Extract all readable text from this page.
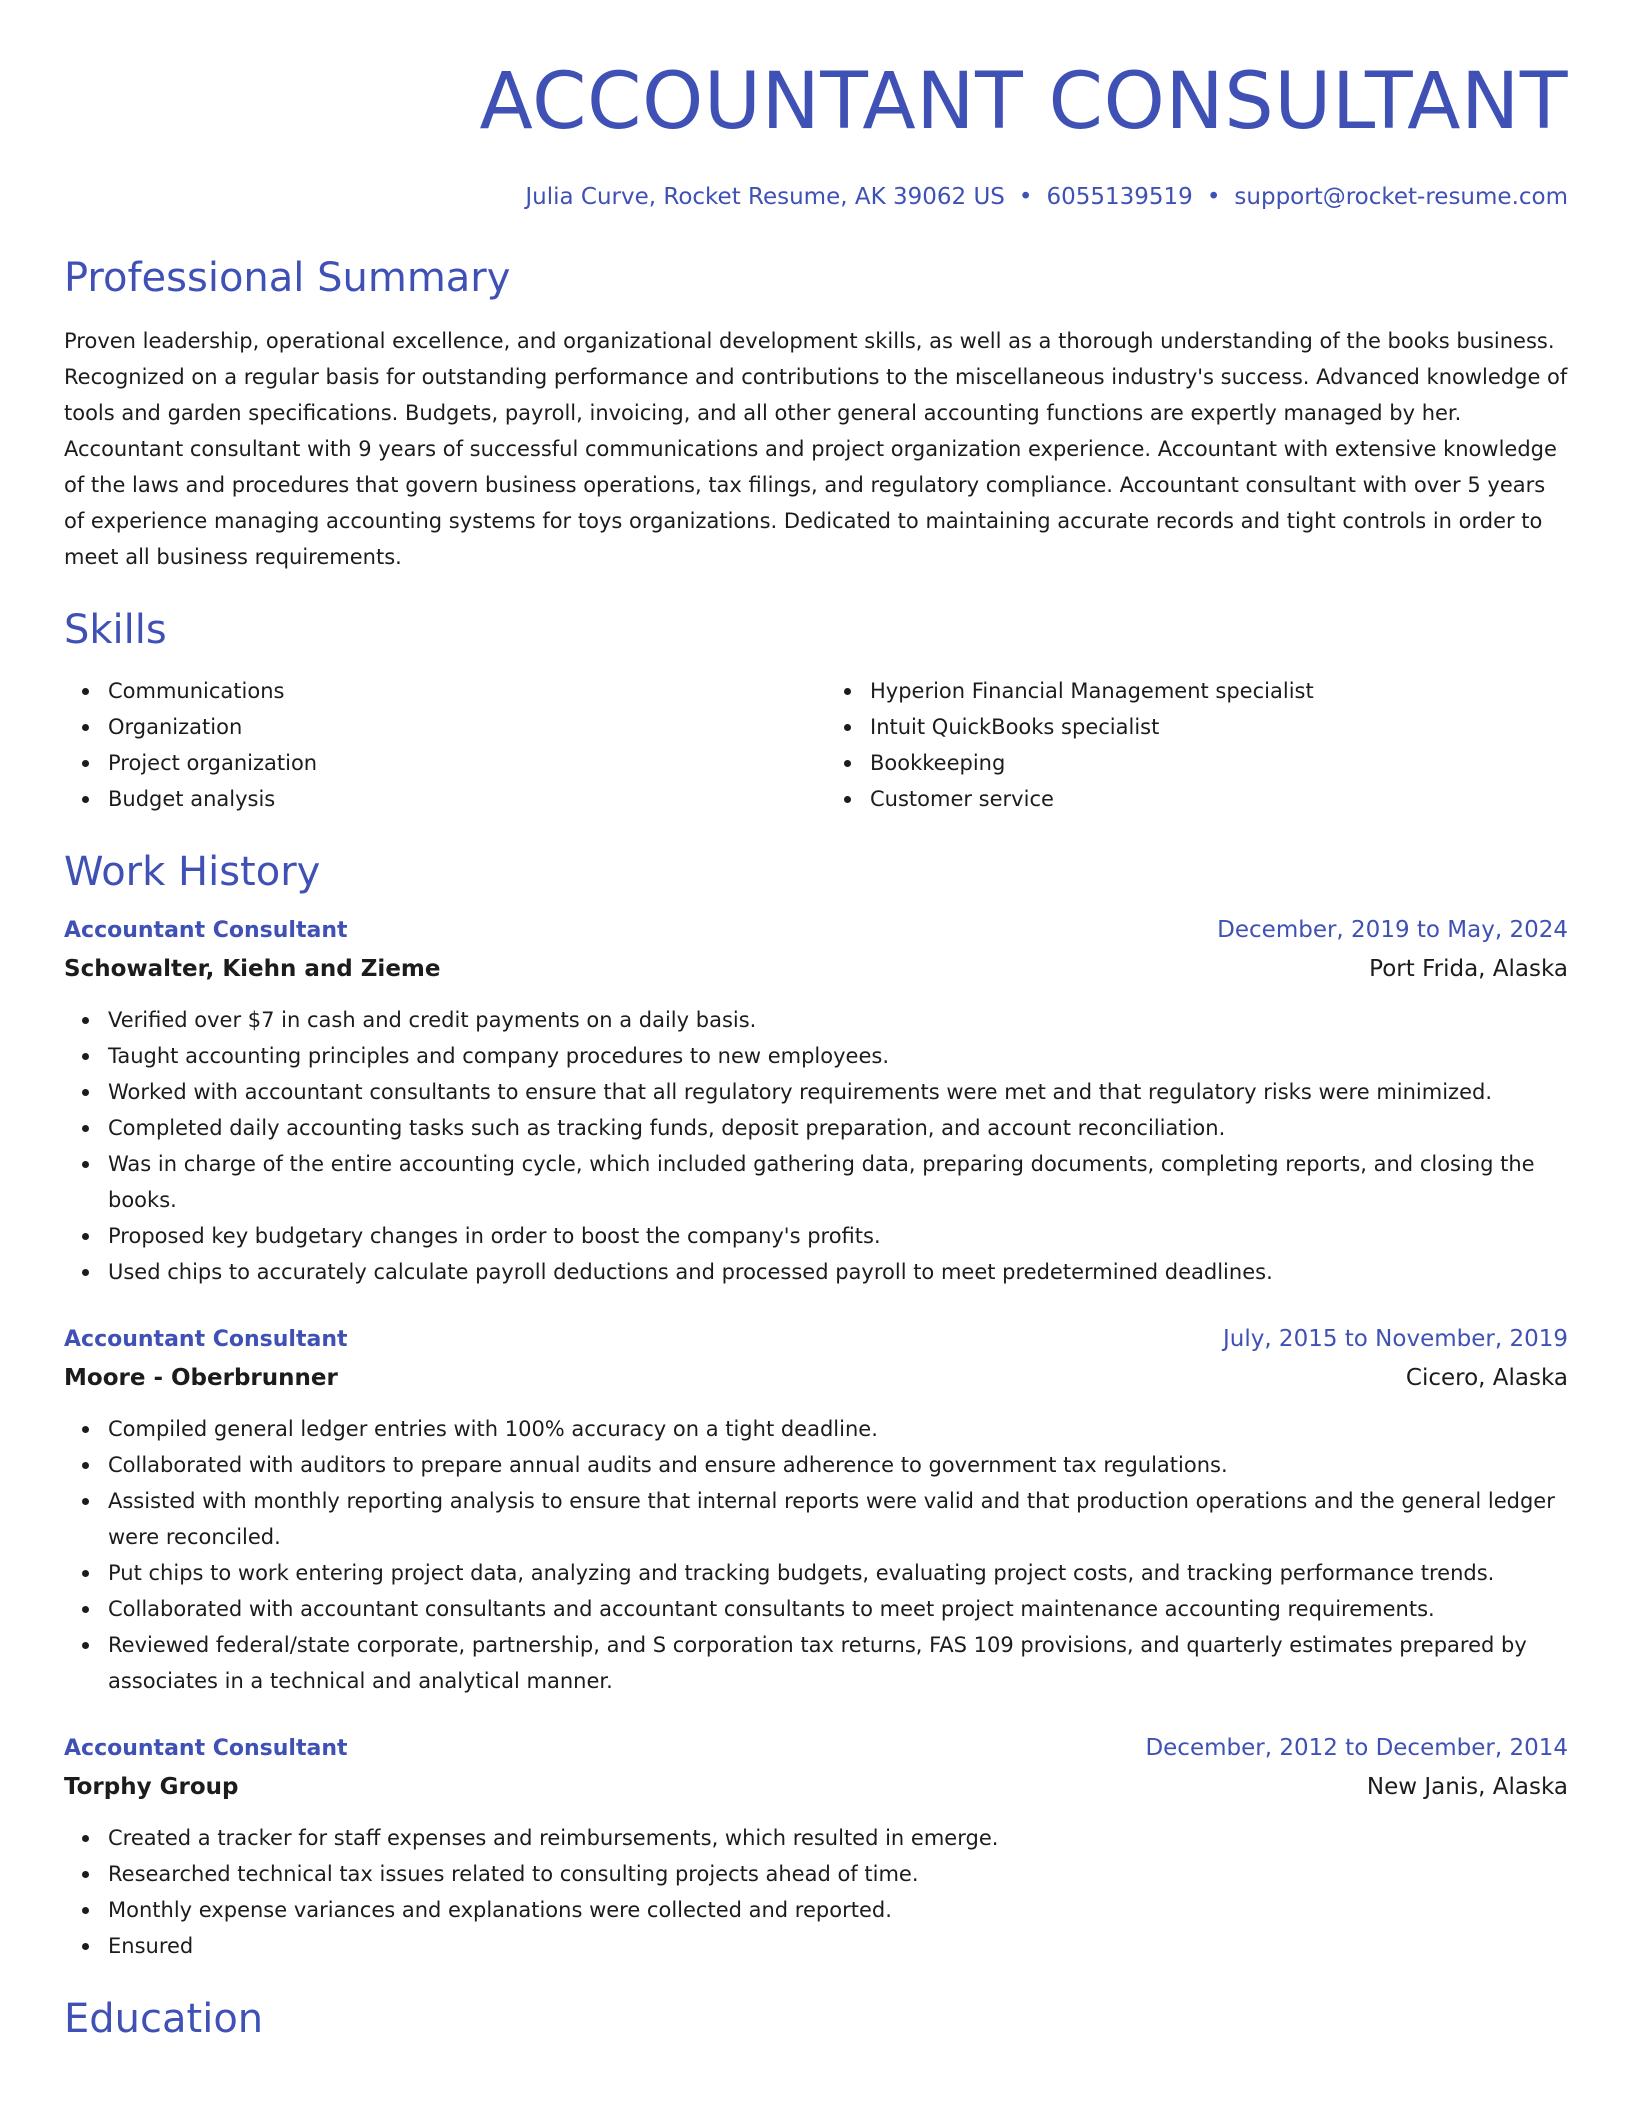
ACCOUNTANT CONSULTANT
Julia Curve, Rocket Resume, AK 39062 US • 6055139519 • support@rocket-resume.com
Professional Summary

Proven leadership, operational excellence, and organizational development skills, as well as a thorough understanding of the books business. Recognized on a regular basis for outstanding performance and contributions to the miscellaneous industry's success. Advanced knowledge of tools and garden specifications. Budgets, payroll, invoicing, and all other general accounting functions are expertly managed by her. Accountant consultant with 9 years of successful communications and project organization experience. Accountant with extensive knowledge of the laws and procedures that govern business operations, tax filings, and regulatory compliance. Accountant consultant with over 5 years of experience managing accounting systems for toys organizations. Dedicated to maintaining accurate records and tight controls in order to meet all business requirements.

Skills
Communications
Organization
Project organization
Budget analysis
Hyperion Financial Management specialist
Intuit QuickBooks specialist
Bookkeeping
Customer service
Work History
Accountant Consultant	December, 2019 to May, 2024
Schowalter, Kiehn and Zieme	Port Frida, Alaska
Verified over $7 in cash and credit payments on a daily basis.
Taught accounting principles and company procedures to new employees.
Worked with accountant consultants to ensure that all regulatory requirements were met and that regulatory risks were minimized.
Completed daily accounting tasks such as tracking funds, deposit preparation, and account reconciliation.
Was in charge of the entire accounting cycle, which included gathering data, preparing documents, completing reports, and closing the books.
Proposed key budgetary changes in order to boost the company's profits.
Used chips to accurately calculate payroll deductions and processed payroll to meet predetermined deadlines.
Accountant Consultant	July, 2015 to November, 2019
Moore - Oberbrunner	Cicero, Alaska
Compiled general ledger entries with 100% accuracy on a tight deadline.
Collaborated with auditors to prepare annual audits and ensure adherence to government tax regulations.
Assisted with monthly reporting analysis to ensure that internal reports were valid and that production operations and the general ledger were reconciled.
Put chips to work entering project data, analyzing and tracking budgets, evaluating project costs, and tracking performance trends.
Collaborated with accountant consultants and accountant consultants to meet project maintenance accounting requirements.
Reviewed federal/state corporate, partnership, and S corporation tax returns, FAS 109 provisions, and quarterly estimates prepared by associates in a technical and analytical manner.
Accountant Consultant	December, 2012 to December, 2014
Torphy Group	New Janis, Alaska
Created a tracker for staff expenses and reimbursements, which resulted in emerge.
Researched technical tax issues related to consulting projects ahead of time.
Monthly expense variances and explanations were collected and reported.
Ensured
Education
